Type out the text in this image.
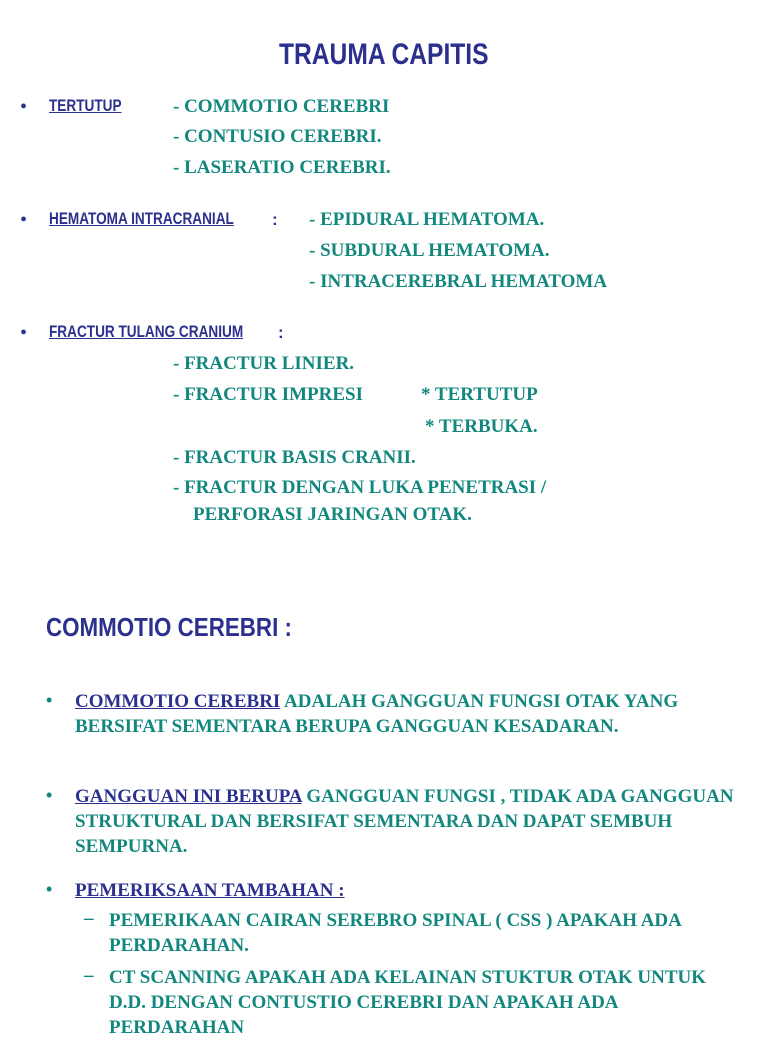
TRAUMA CAPITIS
• TERTUTUP	- COMMOTIO CEREBRI
- CONTUSIO CEREBRI.
- LASERATIO CEREBRI.
• HEMATOMA INTRACRANIAL	: - EPIDURAL HEMATOMA.
- SUBDURAL HEMATOMA.
- INTRACEREBRAL HEMATOMA
• FRACTUR TULANG CRANIUM	:
- FRACTUR LINIER.
- FRACTUR IMPRESI	* TERTUTUP
* TERBUKA.
- FRACTUR BASIS CRANII.
- FRACTUR DENGAN LUKA PENETRASI /
PERFORASI JARINGAN OTAK.
COMMOTIO CEREBRI :
• COMMOTIO CEREBRI ADALAH GANGGUAN FUNGSI OTAK YANG BERSIFAT SEMENTARA BERUPA GANGGUAN KESADARAN.
• GANGGUAN INI BERUPA GANGGUAN FUNGSI , TIDAK ADA GANGGUAN STRUKTURAL DAN BERSIFAT SEMENTARA DAN DAPAT SEMBUH SEMPURNA.
• PEMERIKSAAN TAMBAHAN :
– PEMERIKAAN CAIRAN SEREBRO SPINAL ( CSS ) APAKAH ADA PERDARAHAN.
– CT SCANNING APAKAH ADA KELAINAN STUKTUR OTAK UNTUK    D.D. DENGAN CONTUSTIO CEREBRI DAN APAKAH ADA PERDARAHAN
